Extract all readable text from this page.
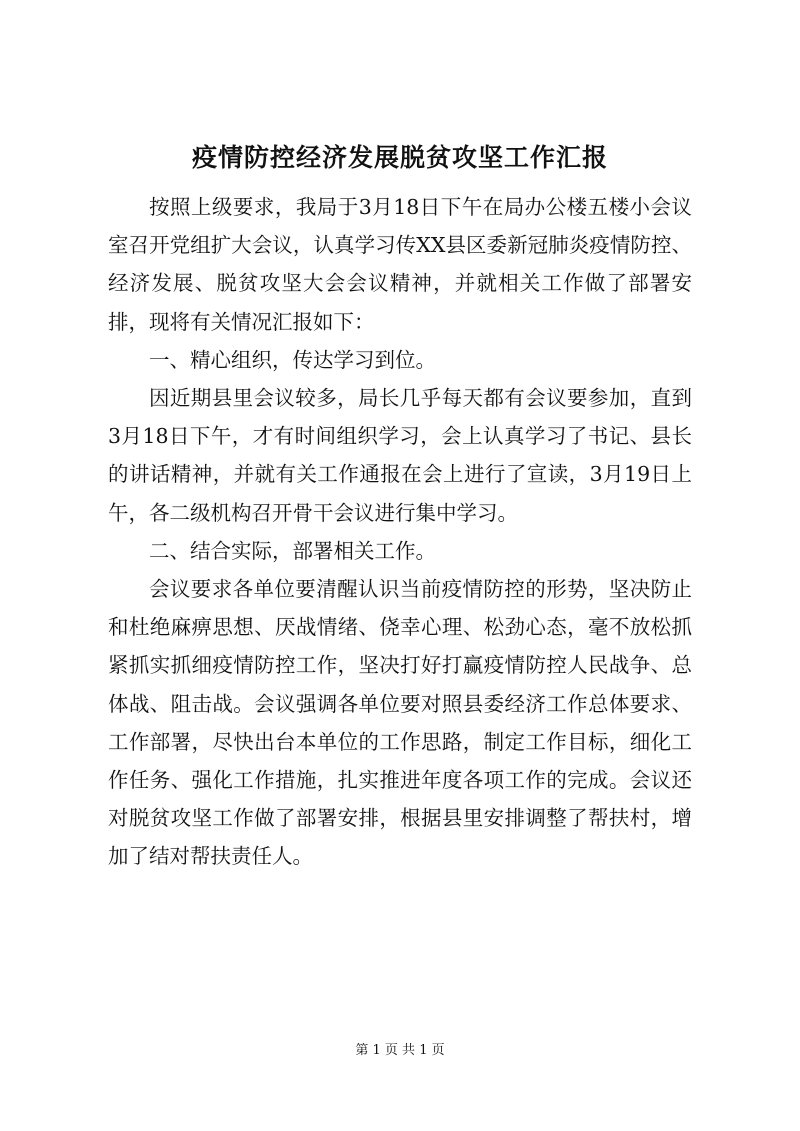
疫情防控经济发展脱贫攻坚工作汇报

按照上级要求，我局于3月18日下午在局办公楼五楼小会议室召开党组扩大会议，认真学习传XX县区委新冠肺炎疫情防控、经济发展、脱贫攻坚大会会议精神，并就相关工作做了部署安排，现将有关情况汇报如下：

一、精心组织，传达学习到位。

因近期县里会议较多，局长几乎每天都有会议要参加，直到3月18日下午，才有时间组织学习，会上认真学习了书记、县长的讲话精神，并就有关工作通报在会上进行了宣读，3月19日上午，各二级机构召开骨干会议进行集中学习。

二、结合实际，部署相关工作。

会议要求各单位要清醒认识当前疫情防控的形势，坚决防止和杜绝麻痹思想、厌战情绪、侥幸心理、松劲心态，毫不放松抓紧抓实抓细疫情防控工作，坚决打好打赢疫情防控人民战争、总体战、阻击战。会议强调各单位要对照县委经济工作总体要求、工作部署，尽快出台本单位的工作思路，制定工作目标，细化工作任务、强化工作措施，扎实推进年度各项工作的完成。会议还对脱贫攻坚工作做了部署安排，根据县里安排调整了帮扶村，增加了结对帮扶责任人。

第 1 页 共 1 页
